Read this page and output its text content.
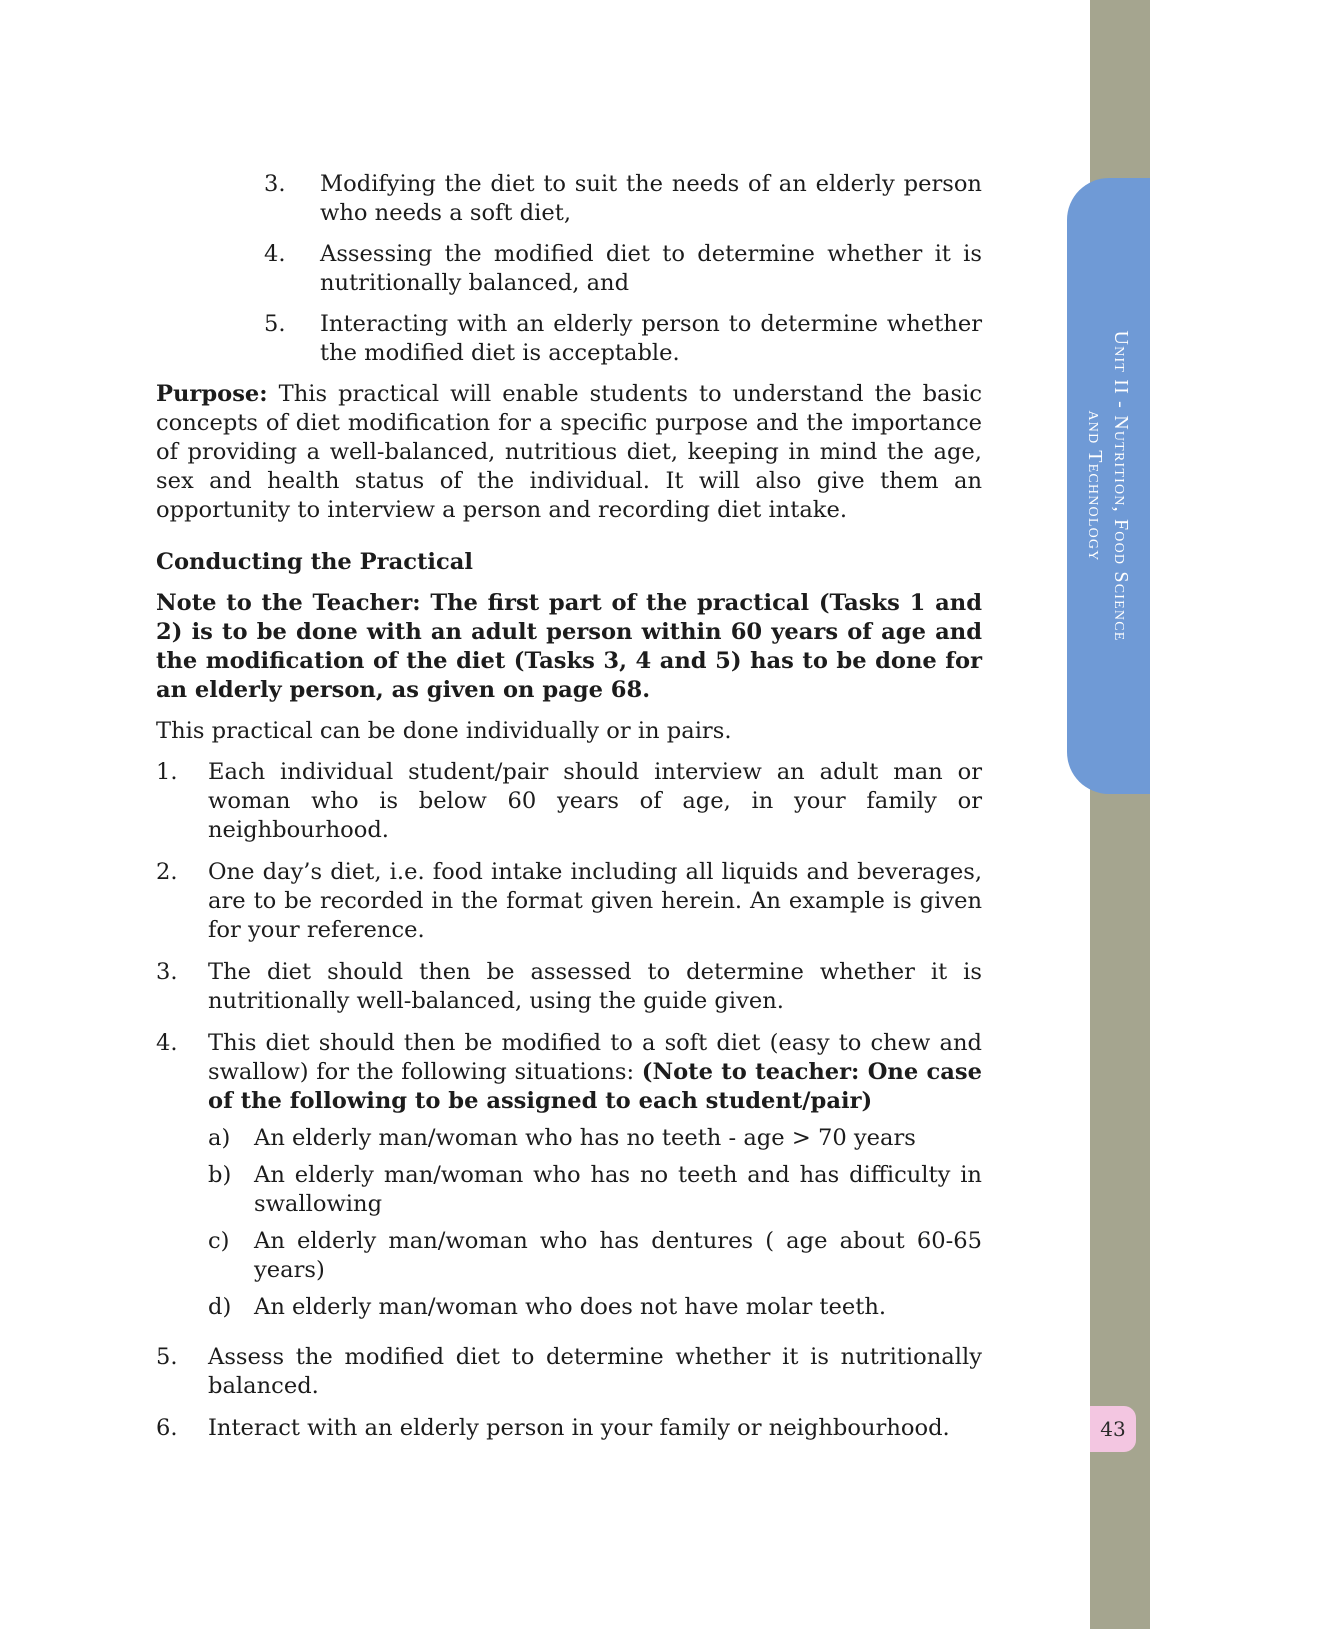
Unit II - Nutrition, Food Science
and Technology
43
3.	Modifying the diet to suit the needs of an elderly person who needs a soft diet,
4.	Assessing the modified diet to determine whether it is nutritionally balanced, and
5.	Interacting with an elderly person to determine whether the modified diet is acceptable.

Purpose: This practical will enable students to understand the basic concepts of diet modification for a specific purpose and the importance of providing a well-balanced, nutritious diet, keeping in mind the age, sex and health status of the individual. It will also give them an opportunity to interview a person and recording diet intake.

Conducting the Practical

Note to the Teacher: The first part of the practical (Tasks 1 and 2) is to be done with an adult person within 60 years of age and the modification of the diet (Tasks 3, 4 and 5) has to be done for an elderly person, as given on page 68.

This practical can be done individually or in pairs.

1.	Each individual student/pair should interview an adult man or woman who is below 60 years of age, in your family or neighbourhood.
2.	One day’s diet, i.e. food intake including all liquids and beverages, are to be recorded in the format given herein. An example is given for your reference.
3.	The diet should then be assessed to determine whether it is nutritionally well-balanced, using the guide given.
4.	This diet should then be modified to a soft diet (easy to chew and swallow) for the following situations: (Note to teacher: One case of the following to be assigned to each student/pair)
a)	An elderly man/woman who has no teeth - age > 70 years
b)	An elderly man/woman who has no teeth and has difficulty in swallowing
c)	An elderly man/woman who has dentures ( age about 60-65 years)
d)	An elderly man/woman who does not have molar teeth.
5.	Assess the modified diet to determine whether it is nutritionally balanced.
6.	Interact with an elderly person in your family or neighbourhood.
